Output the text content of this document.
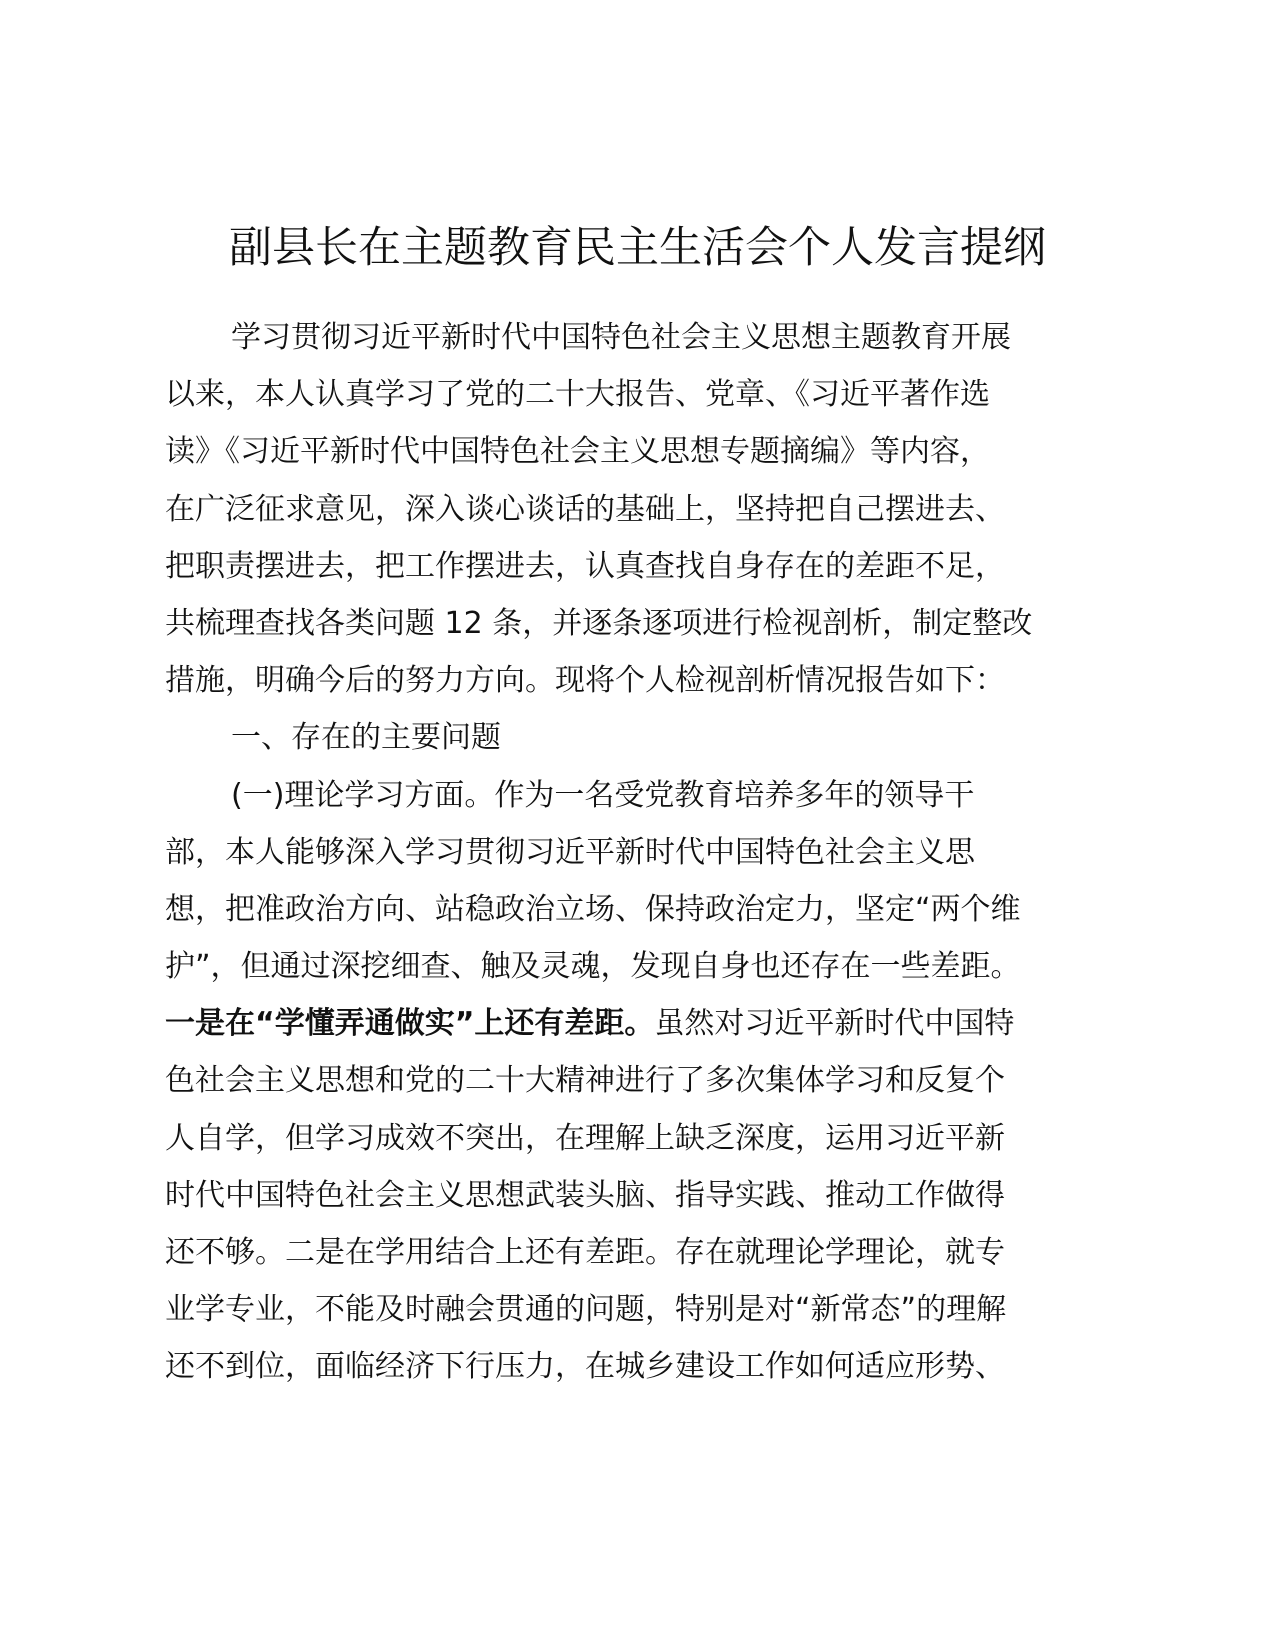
副县长在主题教育民主生活会个人发言提纲
学习贯彻习近平新时代中国特色社会主义思想主题教育开展
以来，本人认真学习了党的二十大报告、党章、《习近平著作选
读》《习近平新时代中国特色社会主义思想专题摘编》等内容，
在广泛征求意见，深入谈心谈话的基础上，坚持把自己摆进去、
把职责摆进去，把工作摆进去，认真查找自身存在的差距不足，
共梳理查找各类问题 12 条，并逐条逐项进行检视剖析，制定整改
措施，明确今后的努力方向。现将个人检视剖析情况报告如下：
一、存在的主要问题
(一)理论学习方面。作为一名受党教育培养多年的领导干
部，本人能够深入学习贯彻习近平新时代中国特色社会主义思
想，把准政治方向、站稳政治立场、保持政治定力，坚定“两个维
护”，但通过深挖细查、触及灵魂，发现自身也还存在一些差距。
一是在“学懂弄通做实”上还有差距。虽然对习近平新时代中国特
色社会主义思想和党的二十大精神进行了多次集体学习和反复个
人自学，但学习成效不突出，在理解上缺乏深度，运用习近平新
时代中国特色社会主义思想武装头脑、指导实践、推动工作做得
还不够。二是在学用结合上还有差距。存在就理论学理论，就专
业学专业，不能及时融会贯通的问题，特别是对“新常态”的理解
还不到位，面临经济下行压力，在城乡建设工作如何适应形势、
